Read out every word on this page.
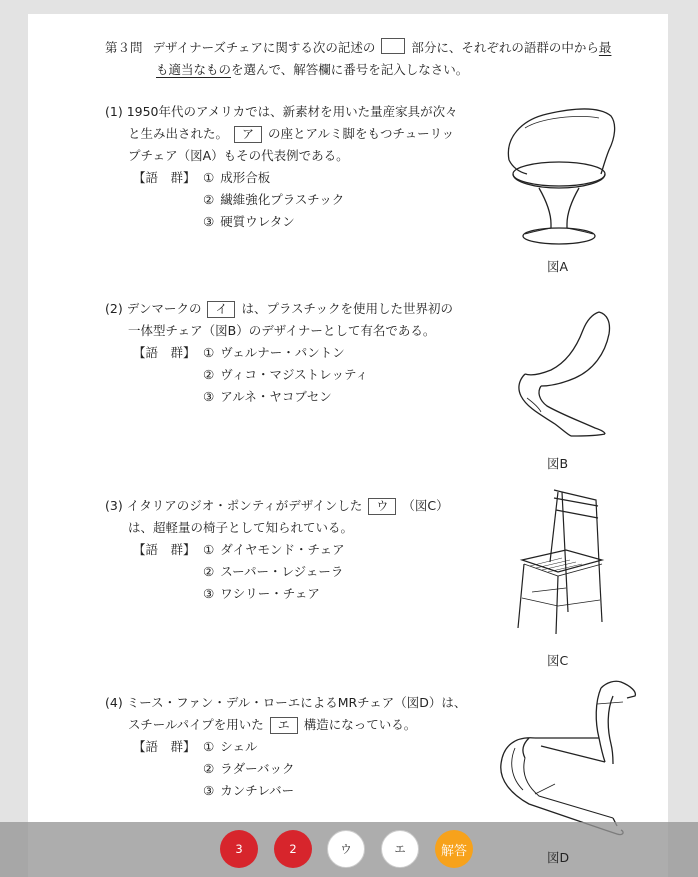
第３問 デザイナーズチェアに関する次の記述の	部分に、それぞれの語群の中から最
も適当なものを選んで、解答欄に番号を記入しなさい。
(1) 1950年代のアメリカでは、新素材を用いた量産家具が次々
と生み出された。 ア の座とアルミ脚をもつチューリッ
プチェア（図A）もその代表例である。
【語　群】 ① 成形合板
② 繊維強化プラスチック
③ 硬質ウレタン
(2) デンマークの イ は、プラスチックを使用した世界初の
一体型チェア（図B）のデザイナーとして有名である。
【語　群】 ① ヴェルナー・パントン
② ヴィコ・マジストレッティ
③ アルネ・ヤコブセン
(3) イタリアのジオ・ポンティがデザインした ウ （図C）
は、超軽量の椅子として知られている。
【語　群】 ① ダイヤモンド・チェア
② スーパー・レジェーラ
③ ワシリー・チェア
(4) ミース・ファン・デル・ローエによるMRチェア（図D）は、
スチールパイプを用いた エ 構造になっている。
【語　群】 ① シェル
② ラダーバック
③ カンチレバー
図A
図B
図C
図D
3	2	ウ	エ	解答
